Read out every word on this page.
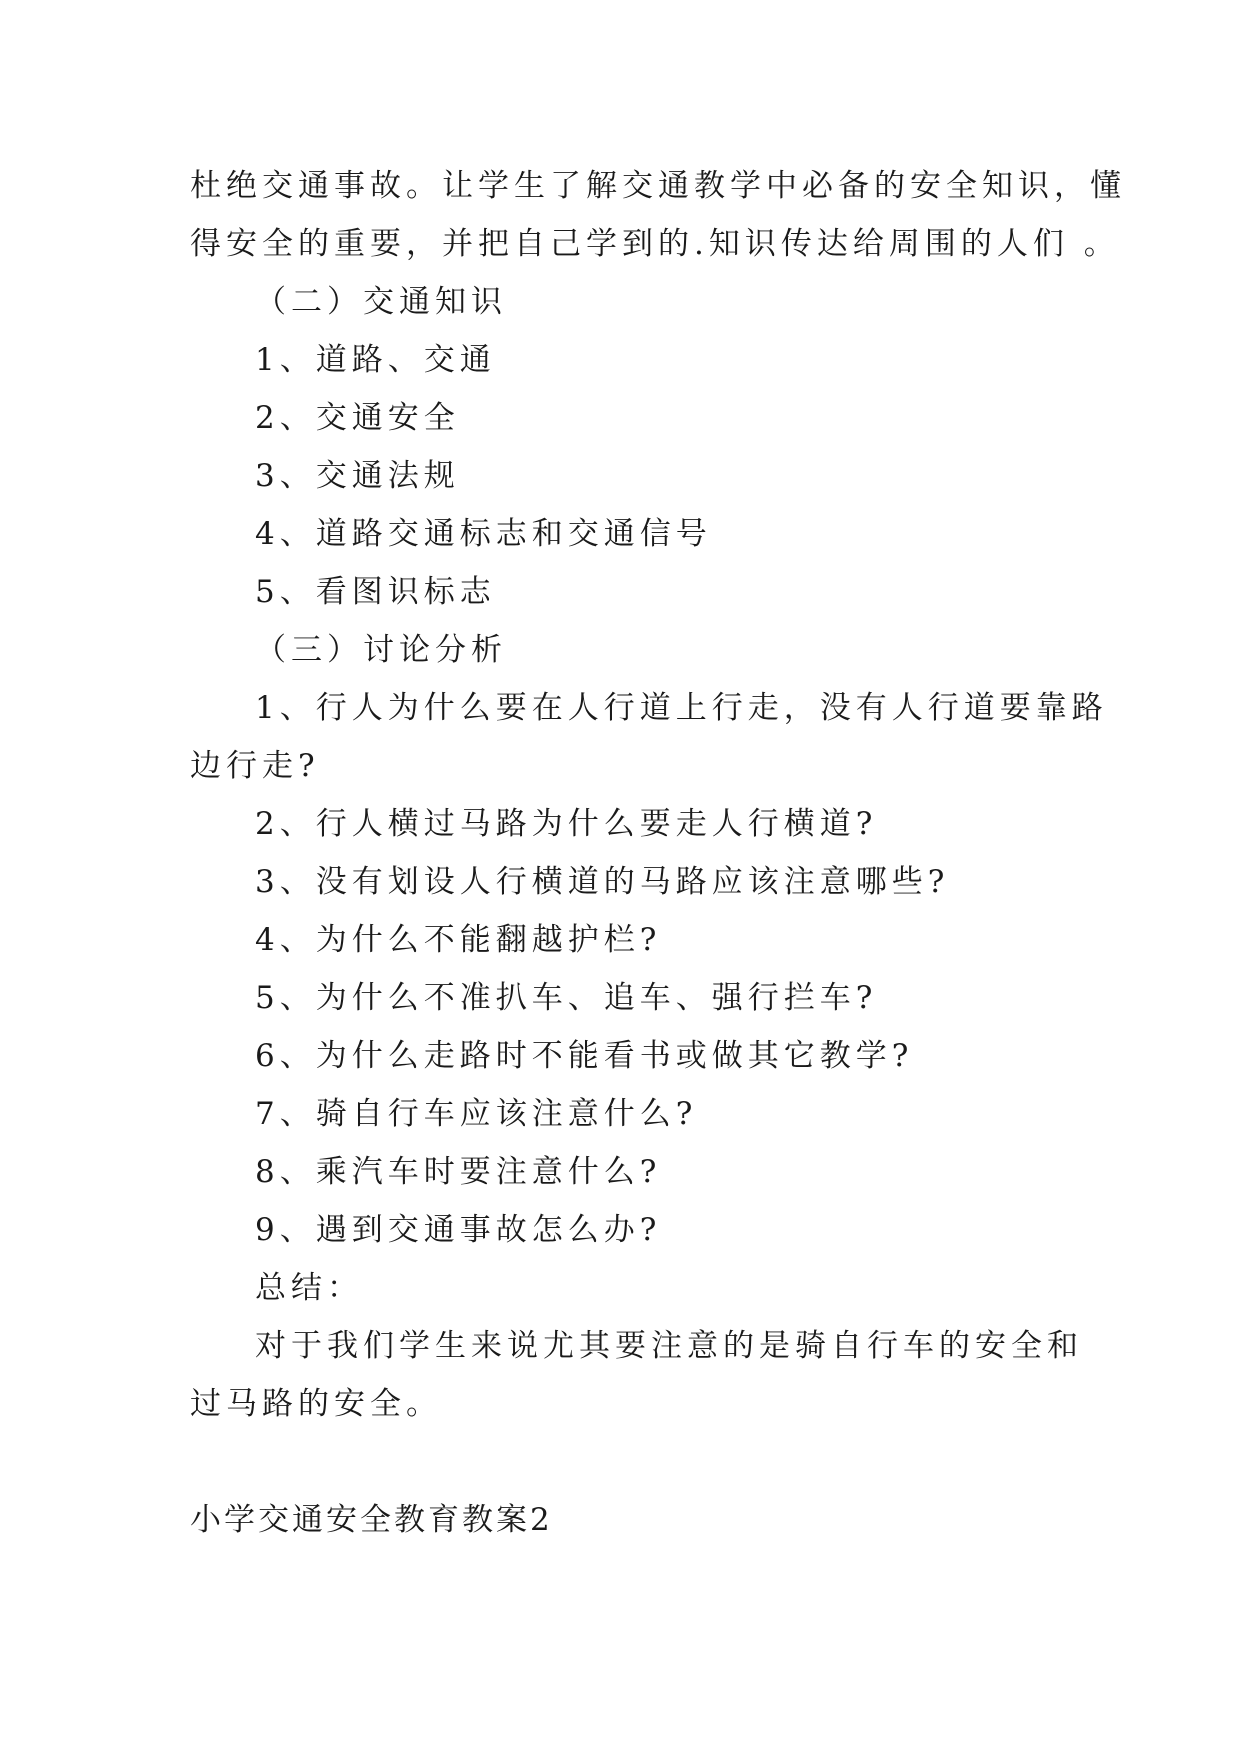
杜绝交通事故。让学生了解交通教学中必备的安全知识，懂
得安全的重要，并把自己学到的.知识传达给周围的人们 。
（二）交通知识
1、道路、交通
2、交通安全
3、交通法规
4、道路交通标志和交通信号
5、看图识标志
（三）讨论分析
1、行人为什么要在人行道上行走，没有人行道要靠路
边行走?
2、行人横过马路为什么要走人行横道?
3、没有划设人行横道的马路应该注意哪些?
4、为什么不能翻越护栏?
5、为什么不准扒车、追车、强行拦车?
6、为什么走路时不能看书或做其它教学?
7、骑自行车应该注意什么?
8、乘汽车时要注意什么?
9、遇到交通事故怎么办?
总结：
对于我们学生来说尤其要注意的是骑自行车的安全和
过马路的安全。
小学交通安全教育教案2
